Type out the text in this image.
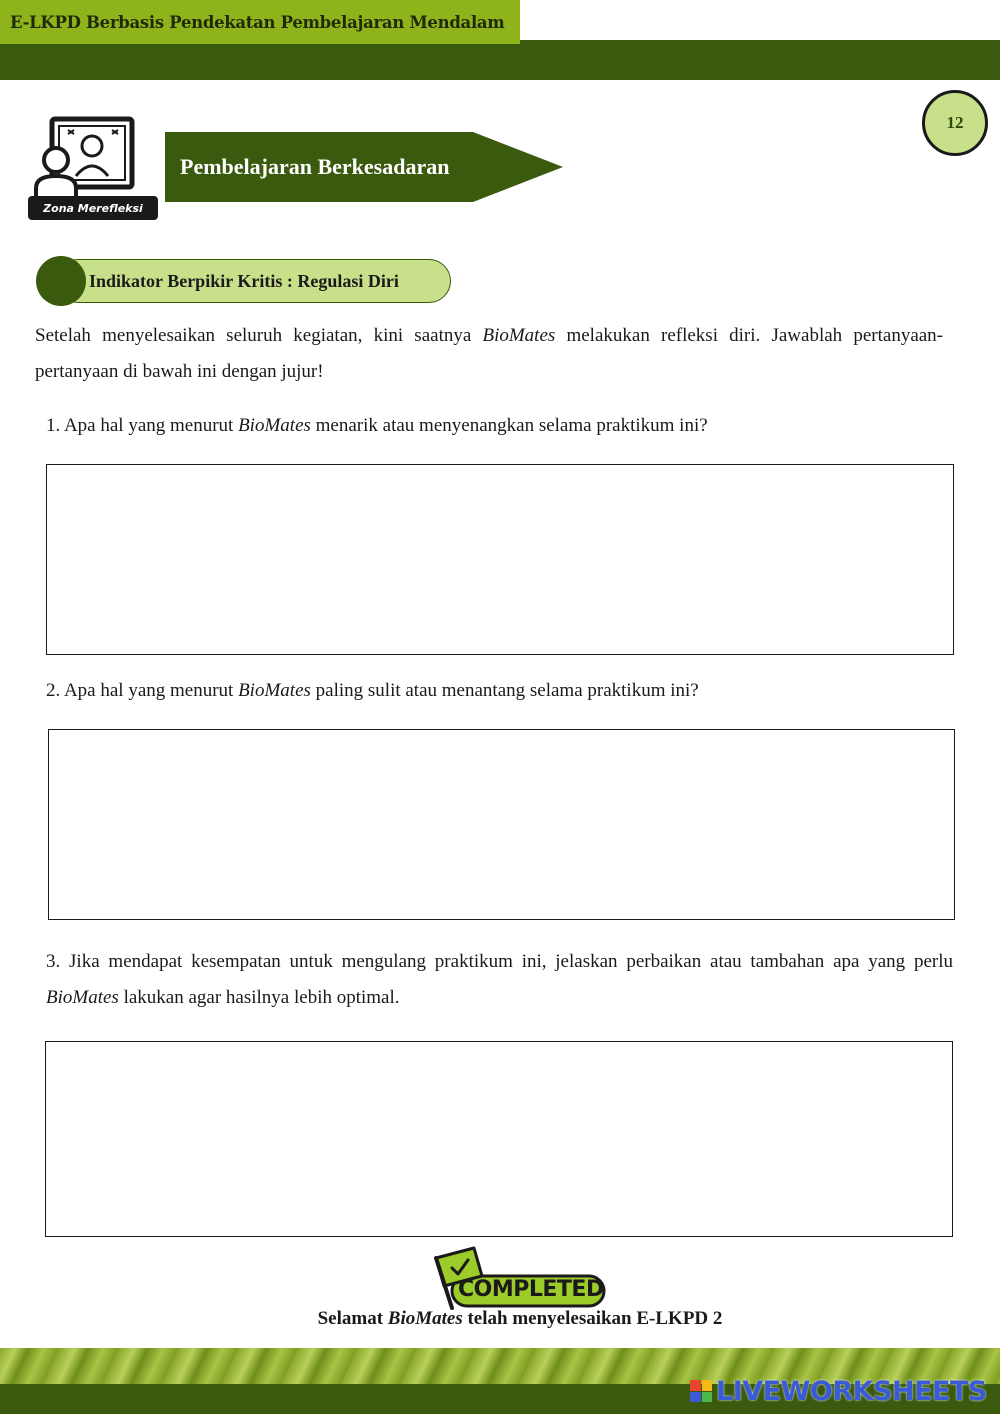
E-LKPD Berbasis Pendekatan Pembelajaran Mendalam
12
Zona Merefleksi
Pembelajaran Berkesadaran
Indikator Berpikir Kritis : Regulasi Diri

Setelah menyelesaikan seluruh kegiatan, kini saatnya BioMates melakukan refleksi diri. Jawablah pertanyaan-pertanyaan di bawah ini dengan jujur!

1. Apa hal yang menurut BioMates menarik atau menyenangkan selama praktikum ini?

2. Apa hal yang menurut BioMates paling sulit atau menantang selama praktikum ini?

3. Jika mendapat kesempatan untuk mengulang praktikum ini, jelaskan perbaikan atau tambahan apa yang perlu BioMates lakukan agar hasilnya lebih optimal.

COMPLETED

Selamat BioMates telah menyelesaikan E-LKPD 2

LIVEWORKSHEETS
